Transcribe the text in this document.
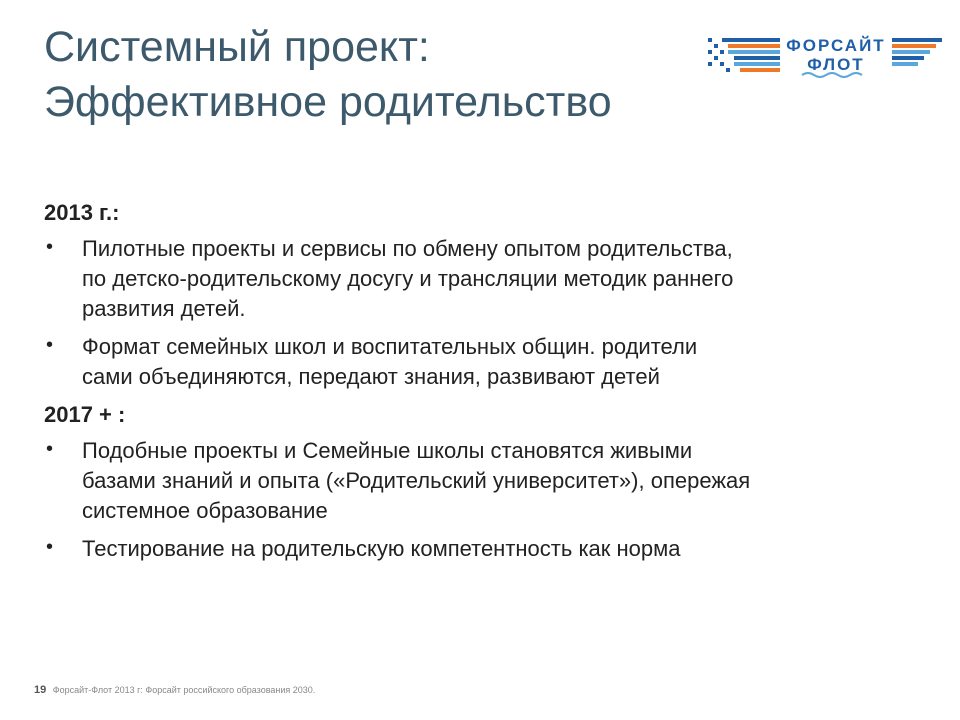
Системный проект:
Эффективное родительство
ФОРСАЙТ
ФЛОТ
2013 г.:
• Пилотные проекты и сервисы по обмену опытом родительства,
по детско-родительскому досугу и трансляции методик раннего
развития детей.
• Формат семейных школ и воспитательных общин. родители
сами объединяются, передают знания, развивают детей
2017 + :
• Подобные проекты и Семейные школы становятся живыми
базами знаний и опыта («Родительский университет»), опережая
системное образование
• Тестирование на родительскую компетентность как норма
19 Форсайт-Флот 2013 г: Форсайт российского образования 2030.
